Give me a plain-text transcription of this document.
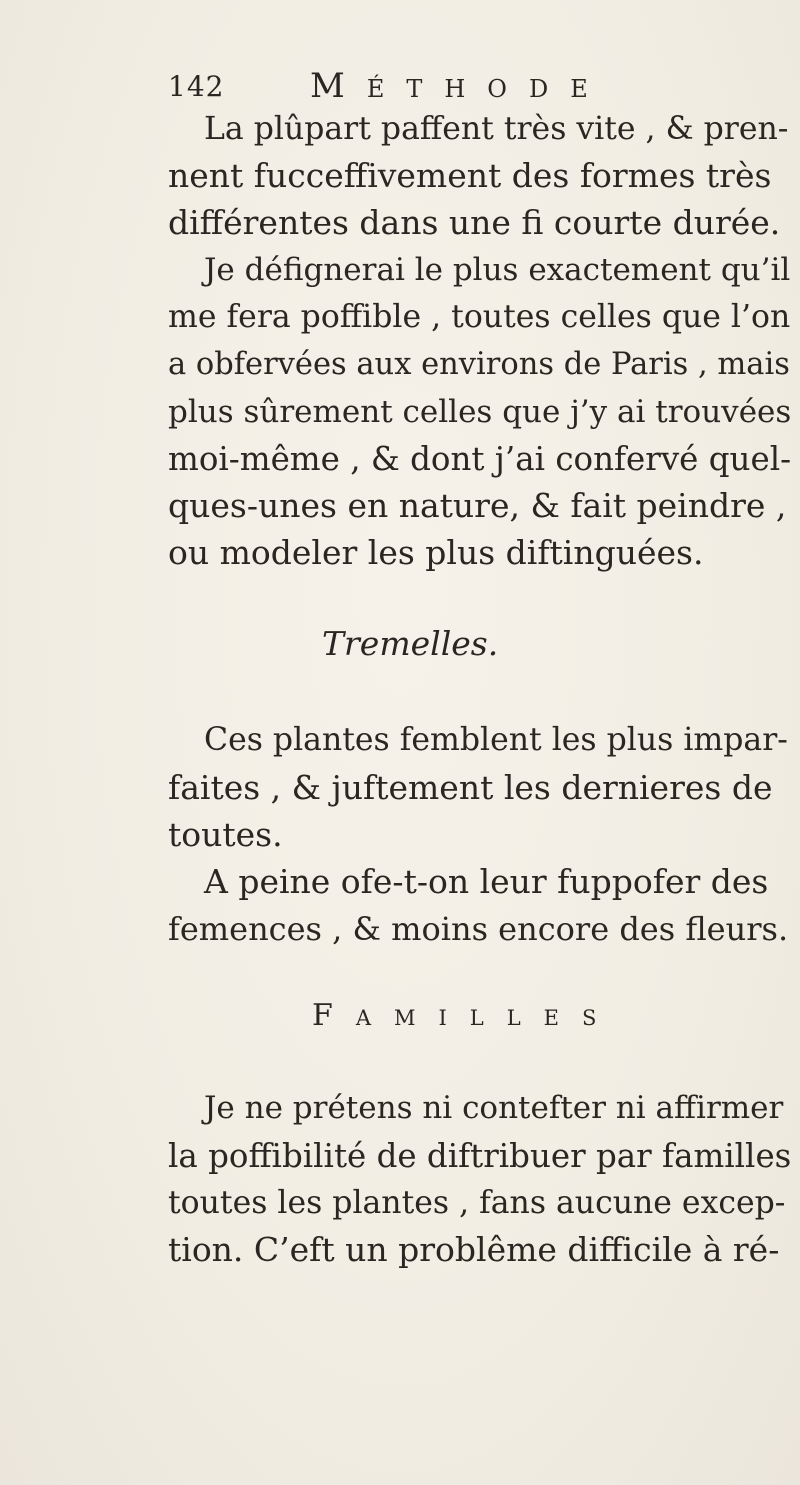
142	Méthode
La plûpart paffent très vite , & pren-
nent fucceffivement des formes très
différentes dans une fi courte durée.
Je défignerai le plus exactement qu’il
me fera poffible , toutes celles que l’on
a obfervées aux environs de Paris , mais
plus sûrement celles que j’y ai trouvées
moi-même , & dont j’ai confervé quel-
ques-unes en nature, & fait peindre ,
ou modeler les plus diftinguées.
Tremelles.
Ces plantes femblent les plus impar-
faites , & juftement les dernieres de
toutes.
A peine ofe-t-on leur fuppofer des
femences , & moins encore des fleurs.
Familles
Je ne prétens ni contefter ni affirmer
la poffibilité de diftribuer par familles
toutes les plantes , fans aucune excep-
tion. C’eft un problême difficile à ré-
